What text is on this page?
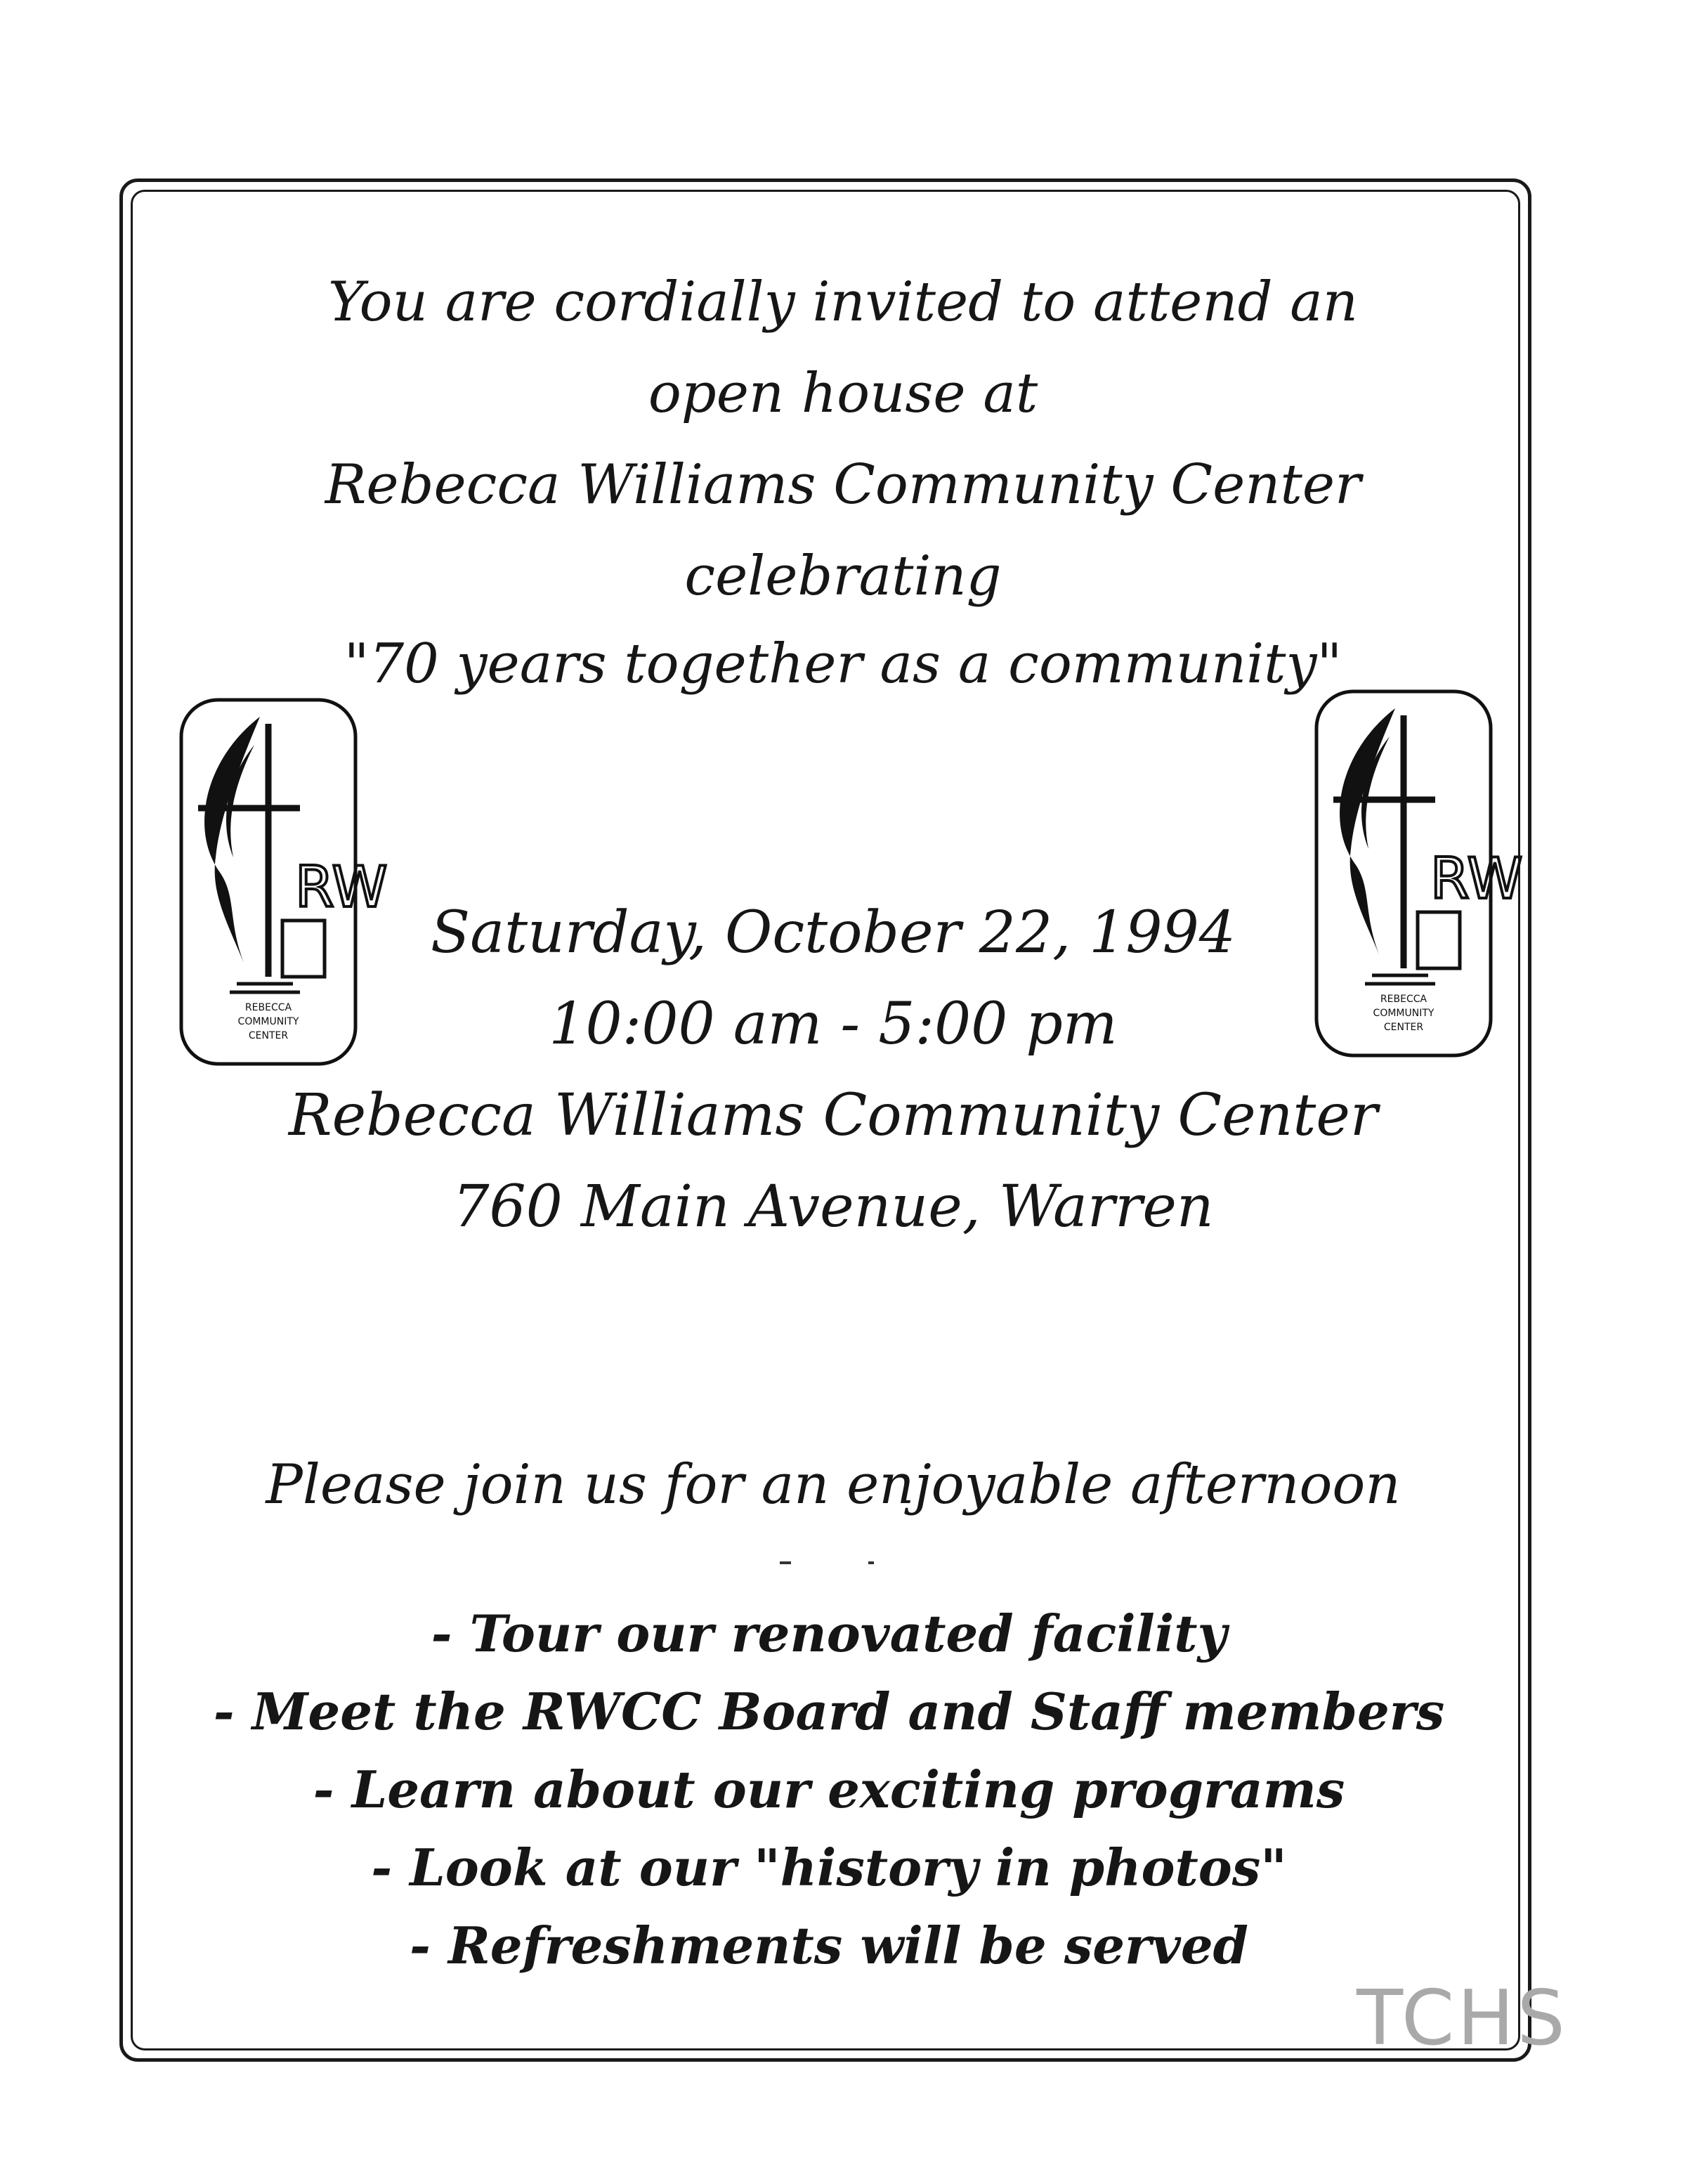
You are cordially invited to attend an
open house at
Rebecca Williams Community Center
celebrating
"70 years together as a community"
RW
REBECCA
COMMUNITY
CENTER
RW
REBECCA
COMMUNITY
CENTER
Saturday, October 22, 1994
10:00 am - 5:00 pm
Rebecca Williams Community Center
760 Main Avenue, Warren
Please join us for an enjoyable afternoon
- Tour our renovated facility
- Meet the RWCC Board and Staff members
- Learn about our exciting programs
- Look at our "history in photos"
- Refreshments will be served
TCHS
